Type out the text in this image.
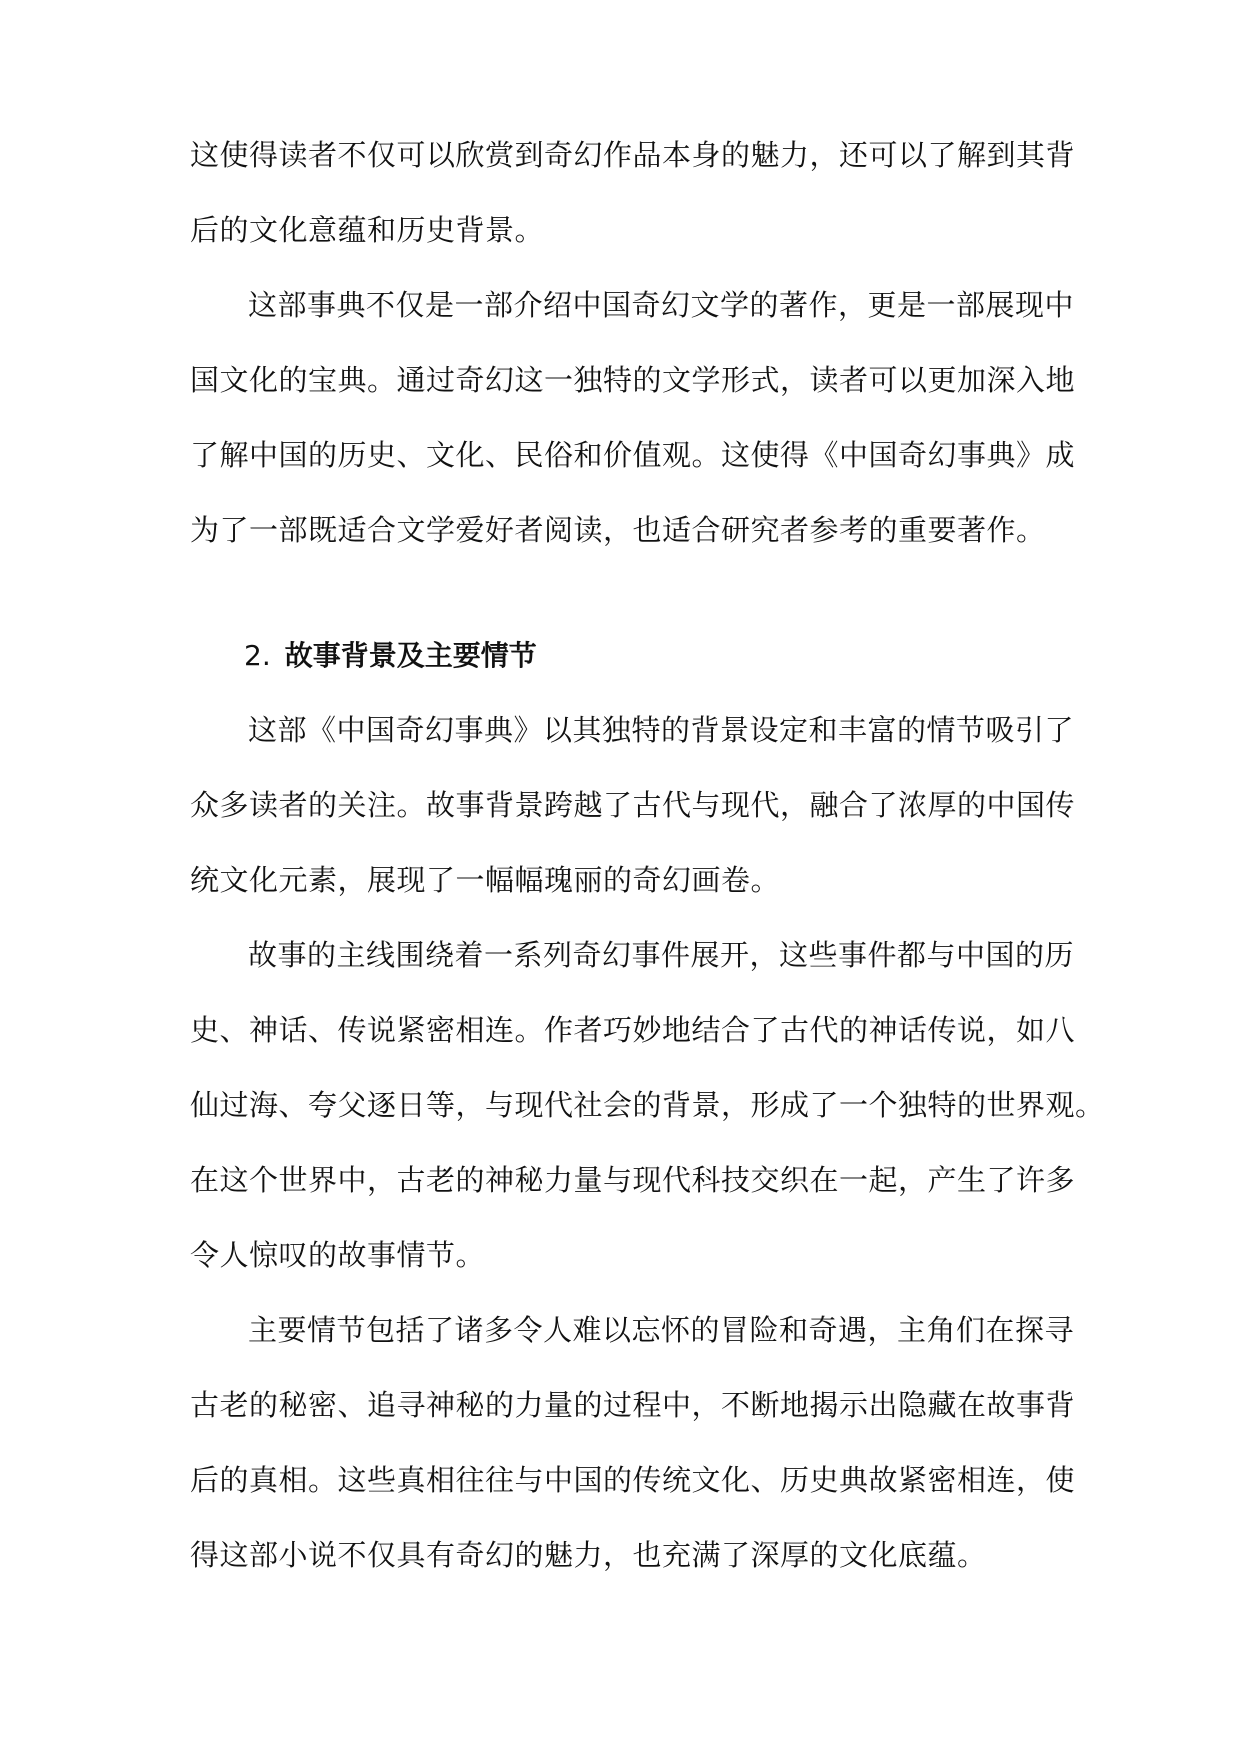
这使得读者不仅可以欣赏到奇幻作品本身的魅力，还可以了解到其背
后的文化意蕴和历史背景。
这部事典不仅是一部介绍中国奇幻文学的著作，更是一部展现中
国文化的宝典。通过奇幻这一独特的文学形式，读者可以更加深入地
了解中国的历史、文化、民俗和价值观。这使得《中国奇幻事典》成
为了一部既适合文学爱好者阅读，也适合研究者参考的重要著作。
2. 故事背景及主要情节
这部《中国奇幻事典》以其独特的背景设定和丰富的情节吸引了
众多读者的关注。故事背景跨越了古代与现代，融合了浓厚的中国传
统文化元素，展现了一幅幅瑰丽的奇幻画卷。
故事的主线围绕着一系列奇幻事件展开，这些事件都与中国的历
史、神话、传说紧密相连。作者巧妙地结合了古代的神话传说，如八
仙过海、夸父逐日等，与现代社会的背景，形成了一个独特的世界观。
在这个世界中，古老的神秘力量与现代科技交织在一起，产生了许多
令人惊叹的故事情节。
主要情节包括了诸多令人难以忘怀的冒险和奇遇，主角们在探寻
古老的秘密、追寻神秘的力量的过程中，不断地揭示出隐藏在故事背
后的真相。这些真相往往与中国的传统文化、历史典故紧密相连，使
得这部小说不仅具有奇幻的魅力，也充满了深厚的文化底蕴。
